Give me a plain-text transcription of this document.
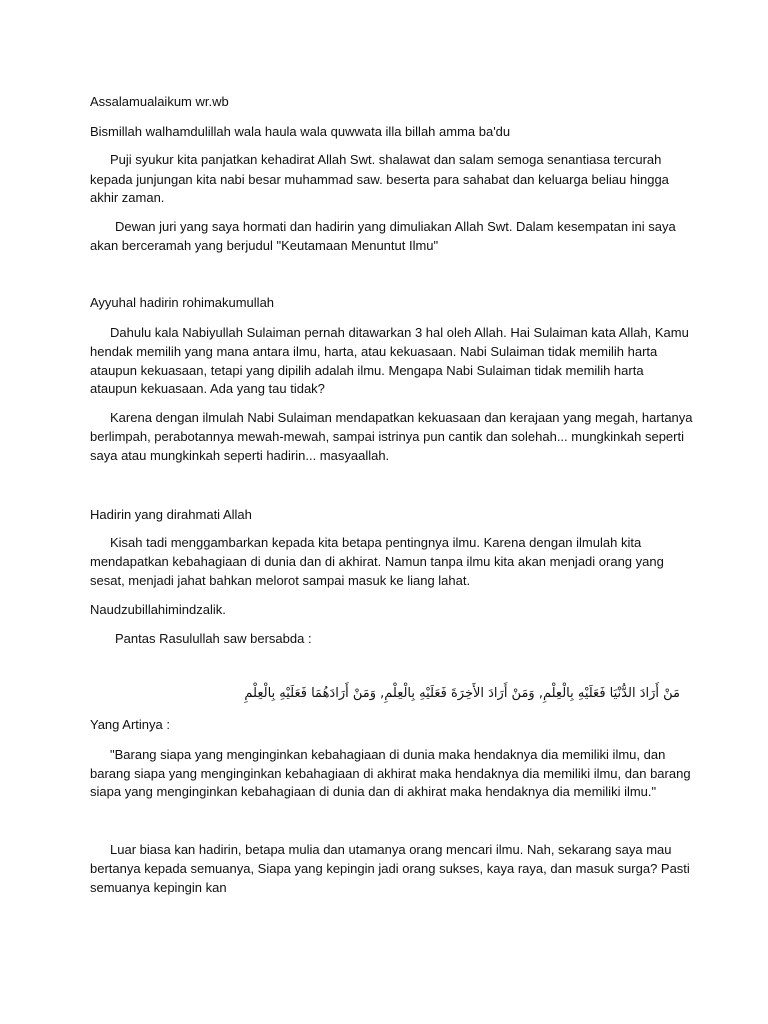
Assalamualaikum wr.wb
Bismillah walhamdulillah wala haula wala quwwata illa billah amma ba'du
Puji syukur kita panjatkan kehadirat Allah Swt. shalawat dan salam semoga senantiasa tercurah
kepada junjungan kita nabi besar muhammad saw. beserta para sahabat dan keluarga beliau hingga
akhir zaman.
Dewan juri yang saya hormati dan hadirin yang dimuliakan Allah Swt. Dalam kesempatan ini saya
akan berceramah yang berjudul "Keutamaan Menuntut Ilmu"
Ayyuhal hadirin rohimakumullah
Dahulu kala Nabiyullah Sulaiman pernah ditawarkan 3 hal oleh Allah. Hai Sulaiman kata Allah, Kamu
hendak memilih yang mana antara ilmu, harta, atau kekuasaan. Nabi Sulaiman tidak memilih harta
ataupun kekuasaan, tetapi yang dipilih adalah ilmu. Mengapa Nabi Sulaiman tidak memilih harta
ataupun kekuasaan. Ada yang tau tidak?
Karena dengan ilmulah Nabi Sulaiman mendapatkan kekuasaan dan kerajaan yang megah, hartanya
berlimpah, perabotannya mewah-mewah, sampai istrinya pun cantik dan solehah... mungkinkah seperti
saya atau mungkinkah seperti hadirin... masyaallah.
Hadirin yang dirahmati Allah
Kisah tadi menggambarkan kepada kita betapa pentingnya ilmu. Karena dengan ilmulah kita
mendapatkan kebahagiaan di dunia dan di akhirat. Namun tanpa ilmu kita akan menjadi orang yang
sesat, menjadi jahat bahkan melorot sampai masuk ke liang lahat.
Naudzubillahimindzalik.
Pantas Rasulullah saw bersabda :
مَنْ أَرَادَ الدُّنْيَا فَعَلَيْهِ بِالْعِلْمِ, وَمَنْ أَرَادَ الأَخِرَةَ فَعَلَيْهِ بِالْعِلْمِ, وَمَنْ أَرَادَهُمَا فَعَلَيْهِ بِالْعِلْمِ
Yang Artinya :
"Barang siapa yang menginginkan kebahagiaan di dunia maka hendaknya dia memiliki ilmu, dan
barang siapa yang menginginkan kebahagiaan di akhirat maka hendaknya dia memiliki ilmu, dan barang
siapa yang menginginkan kebahagiaan di dunia dan di akhirat maka hendaknya dia memiliki ilmu."
Luar biasa kan hadirin, betapa mulia dan utamanya orang mencari ilmu. Nah, sekarang saya mau
bertanya kepada semuanya, Siapa yang kepingin jadi orang sukses, kaya raya, dan masuk surga? Pasti
semuanya kepingin kan
